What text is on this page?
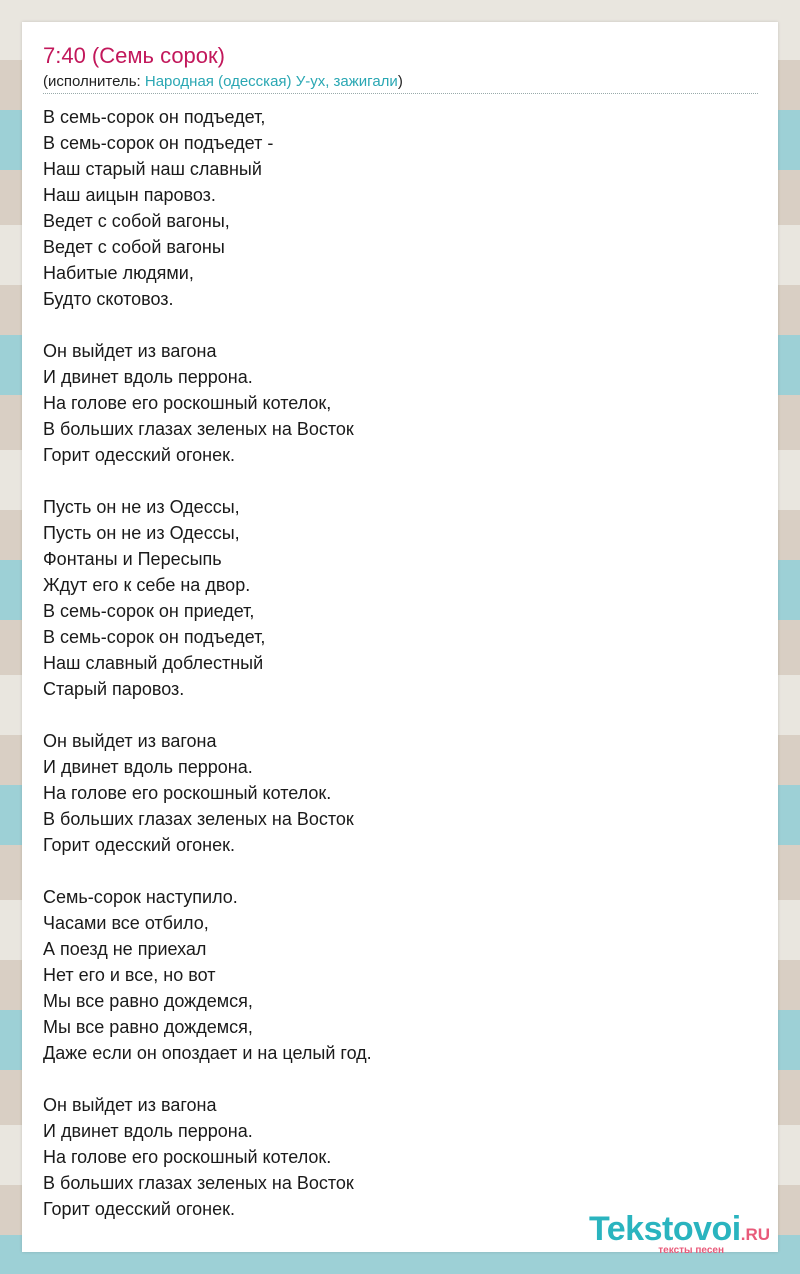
7:40 (Семь сорок)
(исполнитель: Народная (одесская) У-ух, зажигали)
В семь-сорок он подъедет,
В семь-сорок он подъедет -
Наш старый наш славный
Наш аицын паровоз.
Ведет с собой вагоны,
Ведет с собой вагоны
Набитые людями,
Будто скотовоз.
Он выйдет из вагона
И двинет вдоль перрона.
На голове его роскошный котелок,
В больших глазах зеленых на Восток
Горит одесский огонек.
Пусть он не из Одессы,
Пусть он не из Одессы,
Фонтаны и Пересыпь
Ждут его к себе на двор.
В семь-сорок он приедет,
В семь-сорок он подъедет,
Наш славный доблестный
Старый паровоз.
Он выйдет из вагона
И двинет вдоль перрона.
На голове его роскошный котелок.
В больших глазах зеленых на Восток
Горит одесский огонек.
Семь-сорок наступило.
Часами все отбило,
А поезд не приехал
Нет его и все, но вот
Мы все равно дождемся,
Мы все равно дождемся,
Даже если он опоздает и на целый год.
Он выйдет из вагона
И двинет вдоль перрона.
На голове его роскошный котелок.
В больших глазах зеленых на Восток
Горит одесский огонек.
Tekstovoi.RU
тексты песен
